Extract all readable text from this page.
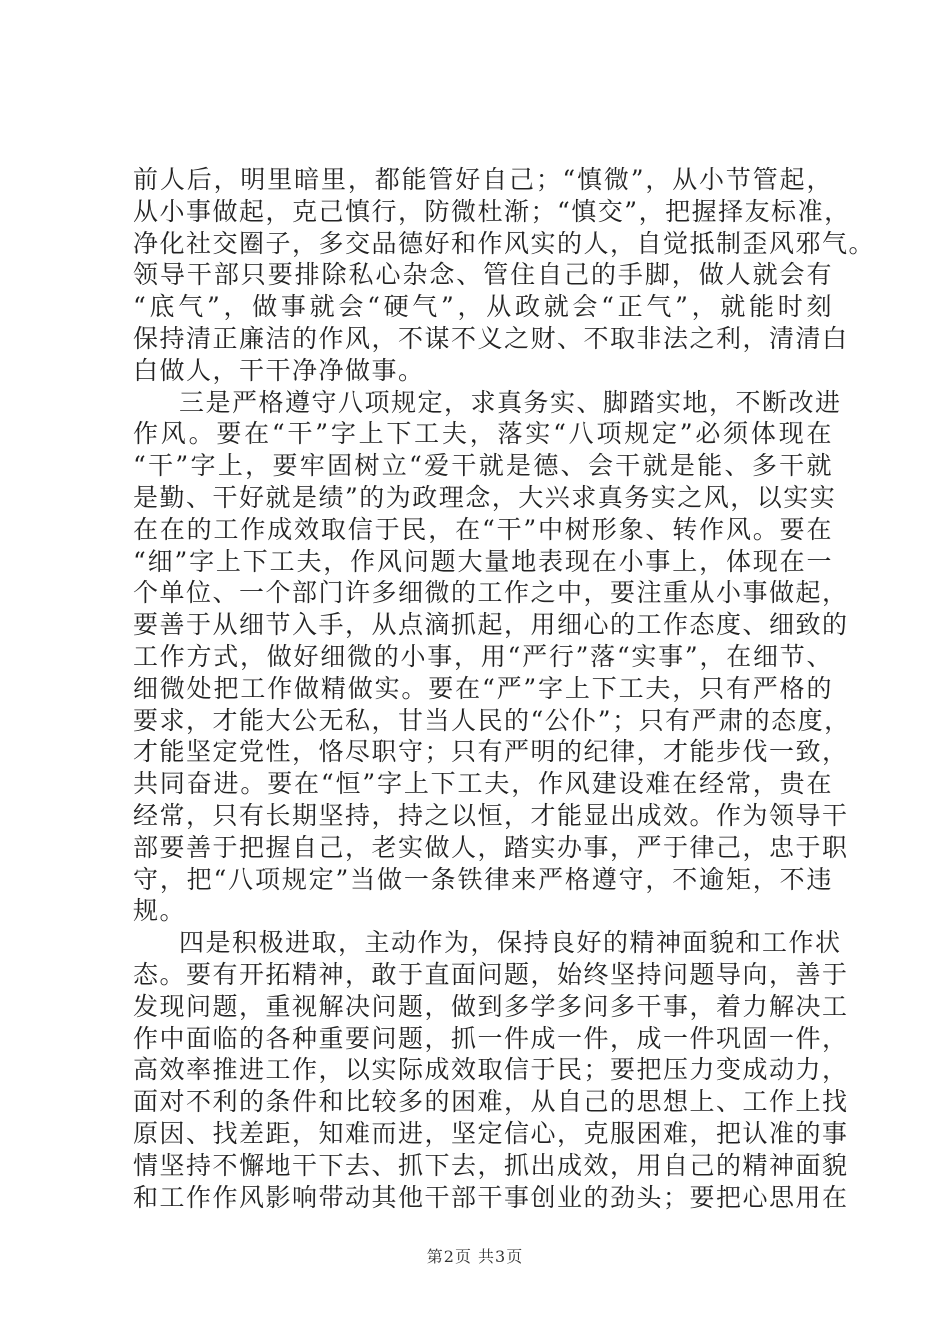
前人后，明里暗里，都能管好自己；“慎微”，从小节管起，
从小事做起，克己慎行，防微杜渐；“慎交”，把握择友标准，
净化社交圈子，多交品德好和作风实的人，自觉抵制歪风邪气。
领导干部只要排除私心杂念、管住自己的手脚，做人就会有
“底气”，做事就会“硬气”，从政就会“正气”，就能时刻
保持清正廉洁的作风，不谋不义之财、不取非法之利，清清白
白做人，干干净净做事。
三是严格遵守八项规定，求真务实、脚踏实地，不断改进
作风。要在“干”字上下工夫，落实“八项规定”必须体现在
“干”字上，要牢固树立“爱干就是德、会干就是能、多干就
是勤、干好就是绩”的为政理念，大兴求真务实之风，以实实
在在的工作成效取信于民，在“干”中树形象、转作风。要在
“细”字上下工夫，作风问题大量地表现在小事上，体现在一
个单位、一个部门许多细微的工作之中，要注重从小事做起，
要善于从细节入手，从点滴抓起，用细心的工作态度、细致的
工作方式，做好细微的小事，用“严行”落“实事”，在细节、
细微处把工作做精做实。要在“严”字上下工夫，只有严格的
要求，才能大公无私，甘当人民的“公仆”；只有严肃的态度，
才能坚定党性，恪尽职守；只有严明的纪律，才能步伐一致，
共同奋进。要在“恒”字上下工夫，作风建设难在经常，贵在
经常，只有长期坚持，持之以恒，才能显出成效。作为领导干
部要善于把握自己，老实做人，踏实办事，严于律己，忠于职
守，把“八项规定”当做一条铁律来严格遵守，不逾矩，不违
规。
四是积极进取，主动作为，保持良好的精神面貌和工作状
态。要有开拓精神，敢于直面问题，始终坚持问题导向，善于
发现问题，重视解决问题，做到多学多问多干事，着力解决工
作中面临的各种重要问题，抓一件成一件，成一件巩固一件，
高效率推进工作，以实际成效取信于民；要把压力变成动力，
面对不利的条件和比较多的困难，从自己的思想上、工作上找
原因、找差距，知难而进，坚定信心，克服困难，把认准的事
情坚持不懈地干下去、抓下去，抓出成效，用自己的精神面貌
和工作作风影响带动其他干部干事创业的劲头；要把心思用在
第2页 共3页
